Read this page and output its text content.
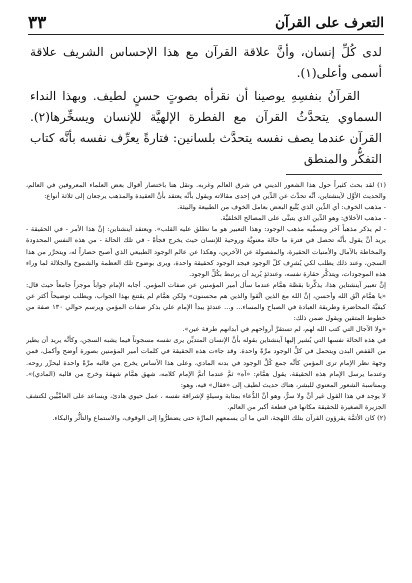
التعرف على القرآن
٣٣

لدى كُلِّ إنسان، وأنَّ علاقة القرآن مع هذا الإحساس الشريف علاقة أسمى وأعلى(١).

القرآنُ بنفسِهِ يوصينا أن نقرأه بصوتٍ حسنٍ لطيف. وبهذا النداء السماوي يتحدَّثُ القرآن مع الفطرة الإلهيَّة للإنسان ويسخِّرها(٢). القرآن عندما يصف نفسه يتحدَّث بلسانين: فتارةً يعرِّف نفسه بأنَّه كتاب التفكُّر والمنطق

(١) لقد بحث كثيراً حول هذا الشعور الديني في شرق العالم وغربه. ونقل هنا باختصار أقوال بعض العلماء المعروفين في العالم، والحديث الأوَّل لآينشتاين، أنَّه تحدَّث عن الدِّين في إحدى مقالاته ويقول بأنَّه يعتقد بأنَّ العقيدة والمذهب يرجعان إلى ثلاثة أنواع:

- مذهب الخوف: أي الدِّين الذي يُتَّبع البعض بعامل الخوف من الطبيعة والبيئة.

- مذهب الأخلاق: وهو الدِّين الذي يتبنَّى على المصالح الخلقيَّة.

- لم يذكر مذهباً آخر ويسمِّيه مذهب الوجود: وهذا التعبير هو ما نطلق عليه القلب». ويعتقد آينشتاين: إنَّ هذا الأمر - في الحقيقة - يريد أنَّ يقول بأنَّه تحصل في فترة ما حالة معنويَّة وروحية للإنسان حيث يخرج فجأةً - في تلك الحالة - من هذه النفس المحدودة والمخاطة بالآمال والأمنيات الحقيرة، والمفصولة عن الآخرين، وهكذا عن عالم الوجود الطبيعي الذي أصبح حصاراً له، ويتحرَّر من هذا السجن، وعند ذلك يطلب لكي يُشرِف كلّ الوجود فيجد الوجود كحقيقة واحدة، ويرى بوضوح تلك العظمة والشموخ والجلالة لما وراء هذه الموجودات، ويتذكَّر حقارة نفسه، وعندئذٍ يُريد أن يرتبط بكُلِّ الوجود.

إنَّ تعبير آينشتاين هذا، يذكِّرنا بقصَّة همَّام عندما سأل أمير المؤمنين عن صفات المؤمن. أجابه الإمام جواباً موجزاً جامعاً حيث قال: «يا همَّام اتَّق الله وأحسن، إنَّ الله مع الذين اتَّقوا والذين هم محسنون» ولكن همَّام لم يقتنع بهذا الجواب، ويطلب توضيحاً أكثر عن كيفيَّة المحاضرة وطريقة العبادة في الصباح والمساء... و... عندئذٍ يبدأ الإمام علي بذكر صفات المؤمن ويرسم حوالي ١٣٠ صفة من خطوط المتقين ويقول ضمن ذلك:

«ولا الآجال التي كتب الله لهم، لم تستقرَّ أرواحهم في أبدانهم طرفة عين».

في هذه الحالة نفسها التي يُشير إليها آينشتاين بقوله بأنَّ الإنسان المتديِّن يرى نفسه مسجوناً فيما يشبه السجن، وكأنَّه يريد أن يطير من القفص البدن ويتحمل في كلِّ الوجود مرَّةً واحدة. وقد جاءت هذه الحقيقة في كلمات أمير المؤمنين بصورة أوضح وأكمل، فمن وجهة نظر الإمام ترى المؤمن كأنَّه جمع كُلَّ الوجود في بدنه المادي، وعلى هذا الأساس يخرج من قالبه مرَّةً واحدة ليحرِّر روحه. وعندما يرسل الإمام هذه الحقيقة، يقول همَّام: «آه» ثمَّ عندما أتمَّ الإمام كلامه، شهق همَّام شهقة وخرج من قالبه (المادي)». وبمناسبة الشعور المعنوي للبشر، هناك حديث لطيف إلى «فقال» قيه، وهو:

لا يوجد في هذا القول غير أنَّ ولا سرٌّ، وهو أنَّ الدُّعاء بمثابة وسيلةٍ لإشراقة نفسه ، عمل حيوي هادئ، ويساعد على العامِّيِّين لكتشف الجزيرة الصغيرة للحقيقة مكانها في قطعة أكبر من العالم.

(٢) كان الأئمَّة يقرؤون القرآن بتلك اللهجة، التي ما أن يسمعهم المارَّة حتى يضطرُّوا إلى الوقوف، والاستماع والتأثُّر والبكاء.
